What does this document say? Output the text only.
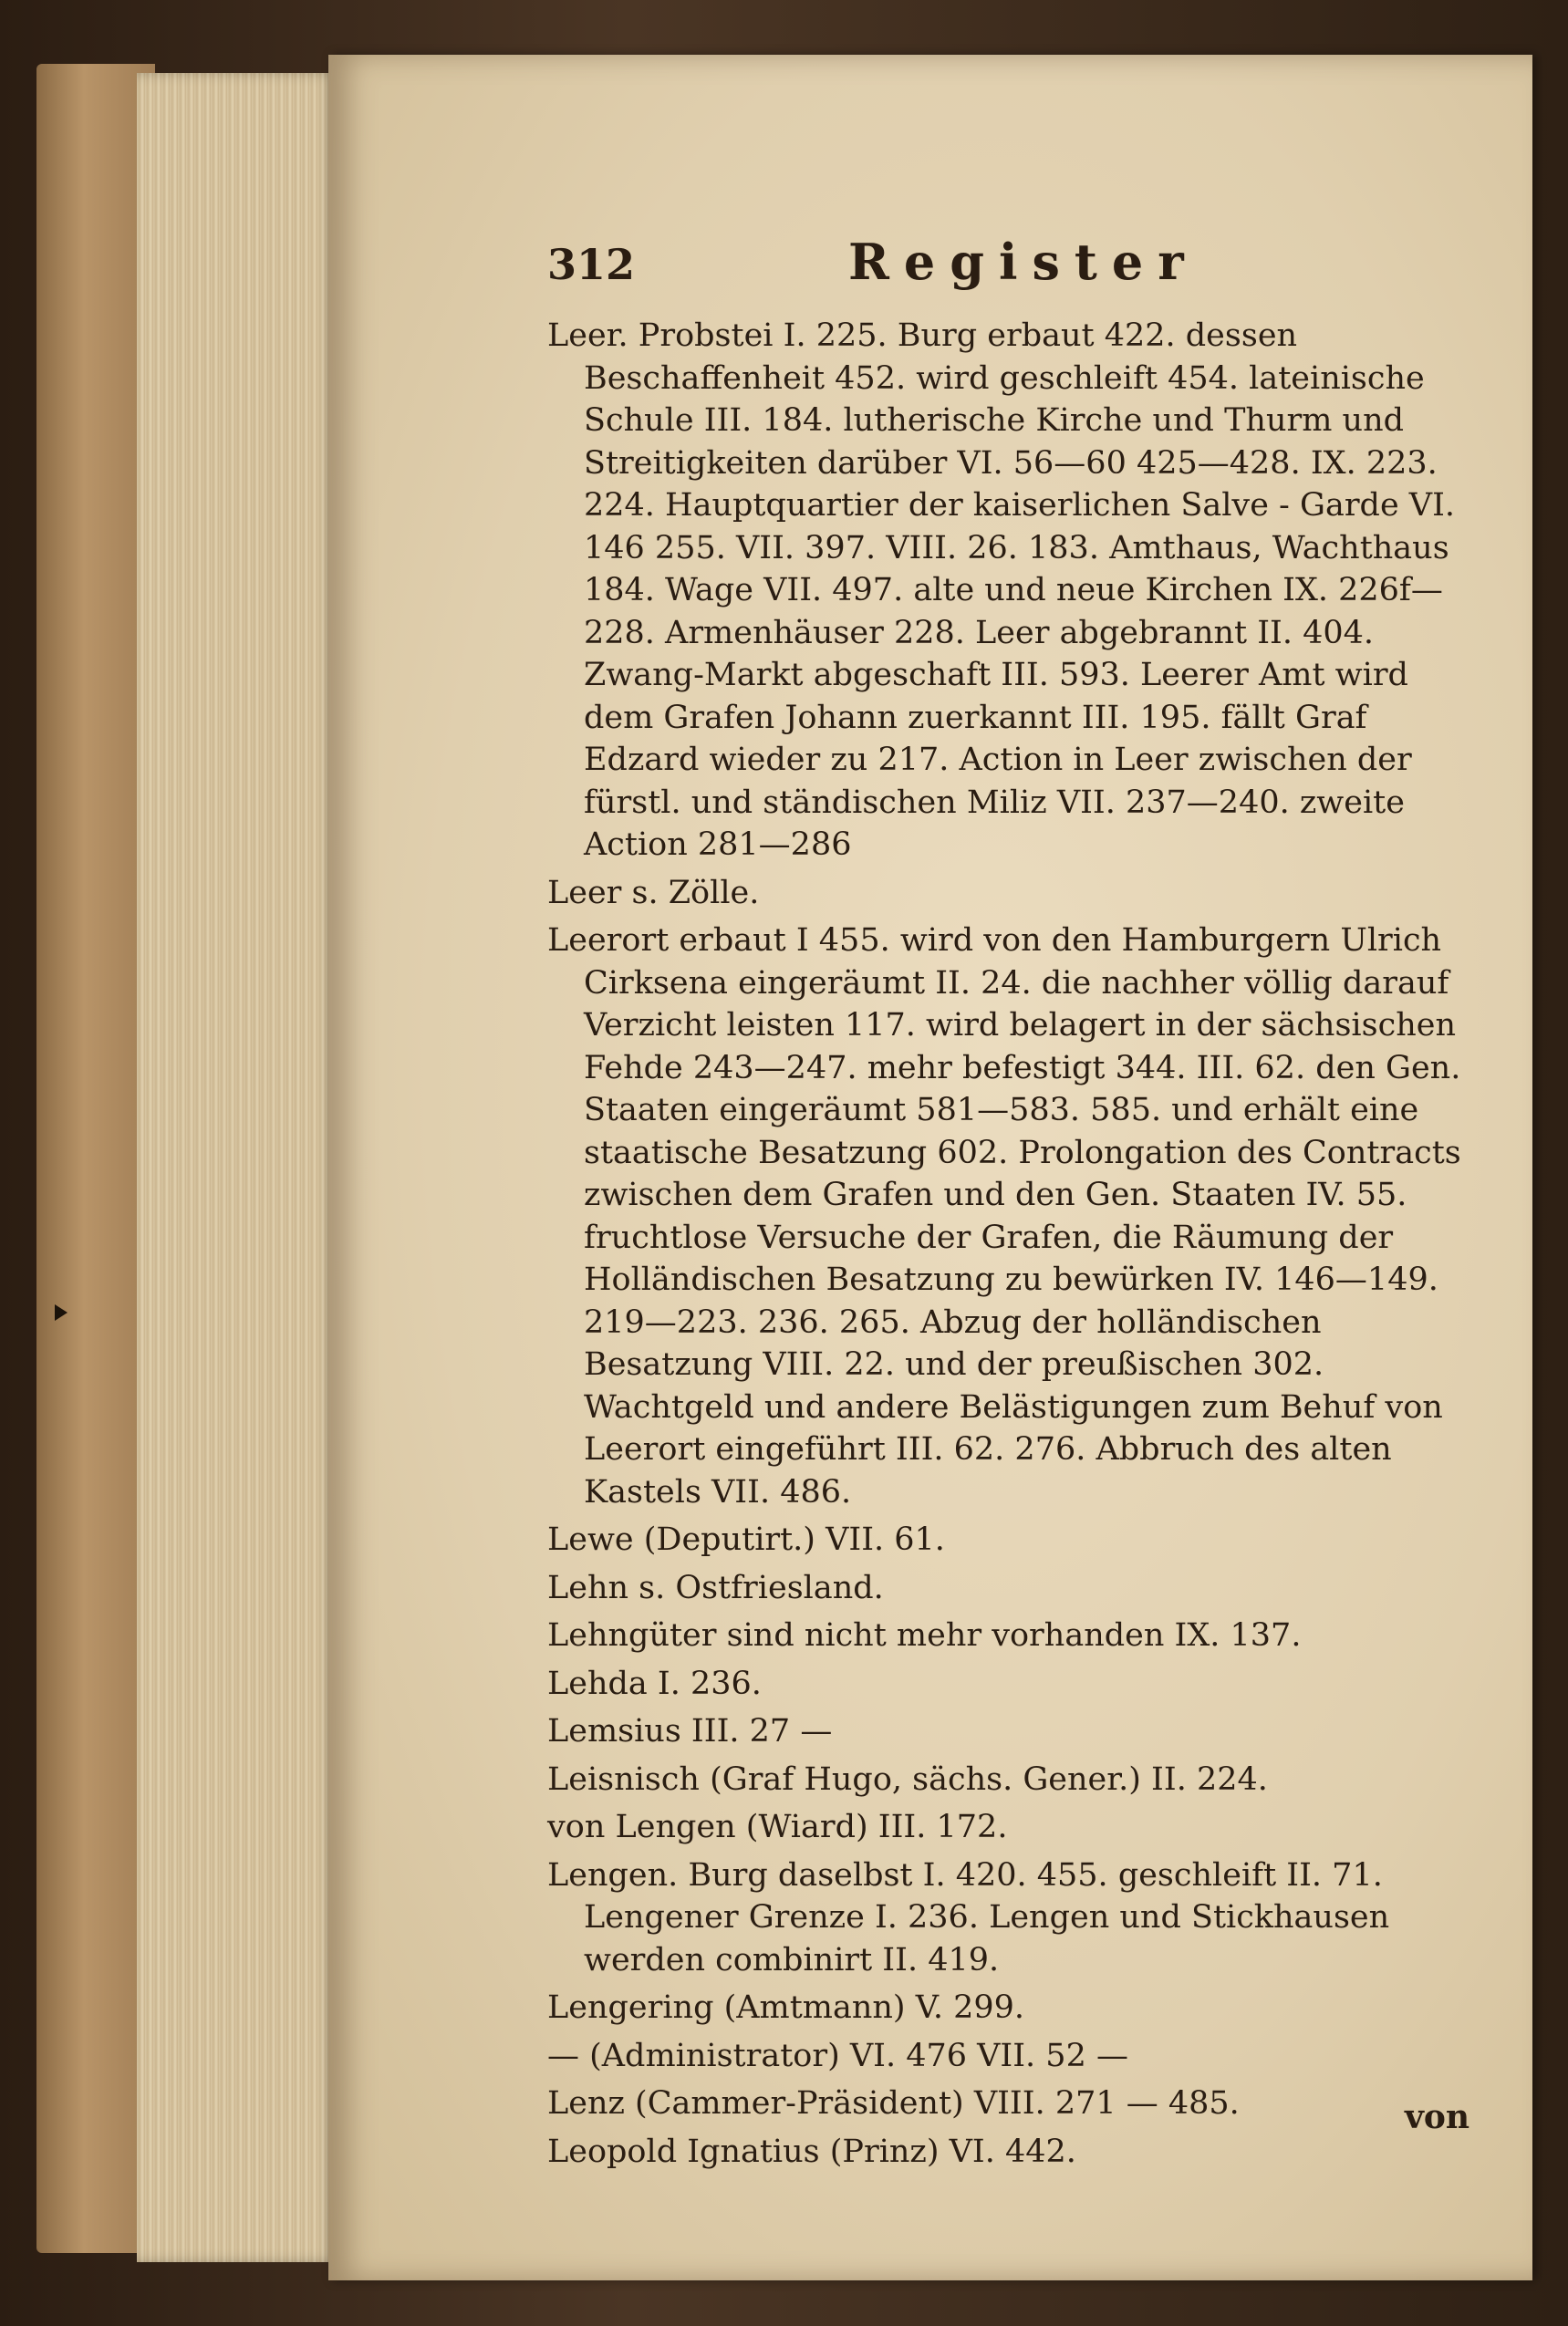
312	Register

Leer. Probstei I. 225. Burg erbaut 422. dessen Beschaffenheit 452. wird geschleift 454. lateinische Schule III. 184. lutherische Kirche und Thurm und Streitigkeiten darüber VI. 56—60 425—428. IX. 223. 224. Hauptquartier der kaiserlichen Salve - Garde VI. 146 255. VII. 397. VIII. 26. 183. Amthaus, Wachthaus 184. Wage VII. 497. alte und neue Kirchen IX. 226f—228. Armenhäuser 228. Leer abgebrannt II. 404. Zwang-Markt abgeschaft III. 593. Leerer Amt wird dem Grafen Johann zuerkannt III. 195. fällt Graf Edzard wieder zu 217. Action in Leer zwischen der fürstl. und ständischen Miliz VII. 237—240. zweite Action 281—286

Leer s. Zölle.

Leerort erbaut I 455. wird von den Hamburgern Ulrich Cirksena eingeräumt II. 24. die nachher völlig darauf Verzicht leisten 117. wird belagert in der sächsischen Fehde 243—247. mehr befestigt 344. III. 62. den Gen. Staaten eingeräumt 581—583. 585. und erhält eine staatische Besatzung 602. Prolongation des Contracts zwischen dem Grafen und den Gen. Staaten IV. 55. fruchtlose Versuche der Grafen, die Räumung der Holländischen Besatzung zu bewürken IV. 146—149. 219—223. 236. 265. Abzug der holländischen Besatzung VIII. 22. und der preußischen 302. Wachtgeld und andere Belästigungen zum Behuf von Leerort eingeführt III. 62. 276. Abbruch des alten Kastels VII. 486.

Lewe (Deputirt.) VII. 61.

Lehn s. Ostfriesland.

Lehngüter sind nicht mehr vorhanden IX. 137.

Lehda I. 236.

Lemsius III. 27 —

Leisnisch (Graf Hugo, sächs. Gener.) II. 224.

von Lengen (Wiard) III. 172.

Lengen. Burg daselbst I. 420. 455. geschleift II. 71. Lengener Grenze I. 236. Lengen und Stickhausen werden combinirt II. 419.

Lengering (Amtmann) V. 299.

— (Administrator) VI. 476 VII. 52 —

Lenz (Cammer-Präsident) VIII. 271 — 485.

Leopold Ignatius (Prinz) VI. 442.

von
